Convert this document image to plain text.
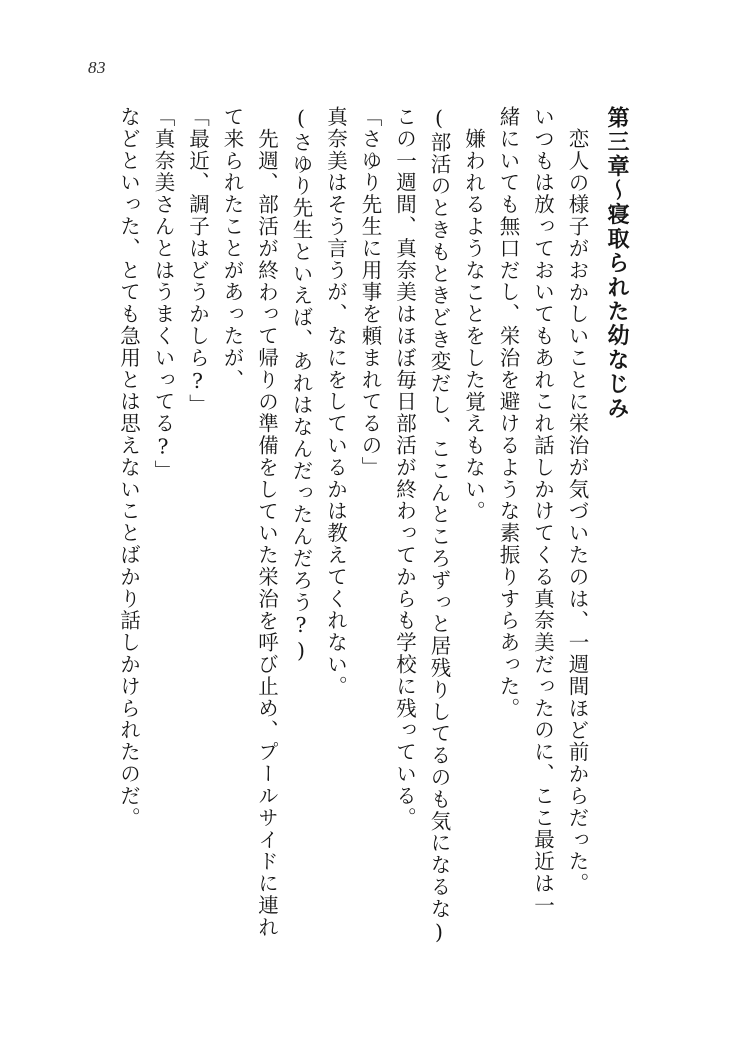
83
第三章～寝取られた幼なじみ
恋人の様子がおかしいことに栄治が気づいたのは、一週間ほど前からだった。
いつもは放っておいてもあれこれ話しかけてくる真奈美だったのに、ここ最近は一
緒にいても無口だし、栄治を避けるような素振りすらあった。
嫌われるようなことをした覚えもない。
(部活のときもときどき変だし、ここんところずっと居残りしてるのも気になるな)
この一週間、真奈美はほぼ毎日部活が終わってからも学校に残っている。
「さゆり先生に用事を頼まれてるの」
真奈美はそう言うが、なにをしているかは教えてくれない。
(さゆり先生といえば、あれはなんだったんだろう?)
先週、部活が終わって帰りの準備をしていた栄治を呼び止め、プールサイドに連れ
て来られたことがあったが、
「最近、調子はどうかしら?」
「真奈美さんとはうまくいってる?」
などといった、とても急用とは思えないことばかり話しかけられたのだ。
